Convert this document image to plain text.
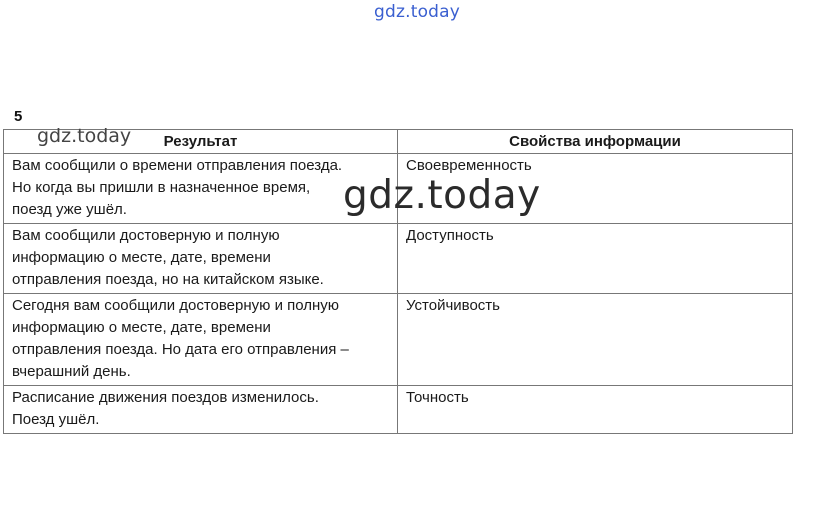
gdz.today
5
Результат	Свойства информации

Вам сообщили о времени отправления поезда.
Но когда вы пришли в назначенное время,
поезд уже ушёл.	Своевременность

Вам сообщили достоверную и полную
информацию о месте, дате, времени
отправления поезда, но на китайском языке.	Доступность

Сегодня вам сообщили достоверную и полную
информацию о месте, дате, времени
отправления поезда. Но дата его отправления –
вчерашний день.	Устойчивость

Расписание движения поездов изменилось.
Поезд ушёл.	Точность
gdz.today
gdz.today
